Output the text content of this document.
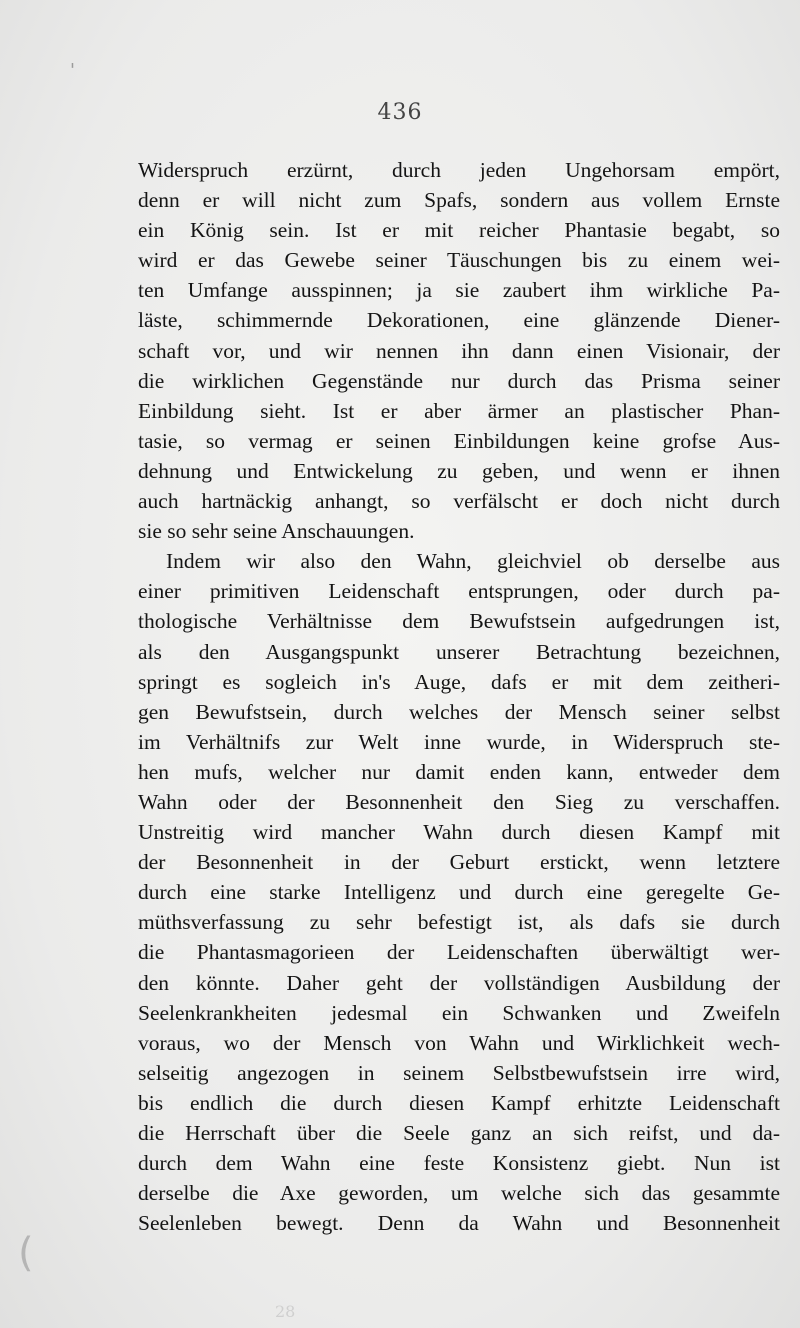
436
Widerspruch erzürnt, durch jeden Ungehorsam empört,
denn er will nicht zum Spafs, sondern aus vollem Ernste
ein König sein. Ist er mit reicher Phantasie begabt, so
wird er das Gewebe seiner Täuschungen bis zu einem wei-
ten Umfange ausspinnen; ja sie zaubert ihm wirkliche Pa-
läste, schimmernde Dekorationen, eine glänzende Diener-
schaft vor, und wir nennen ihn dann einen Visionair, der
die wirklichen Gegenstände nur durch das Prisma seiner
Einbildung sieht. Ist er aber ärmer an plastischer Phan-
tasie, so vermag er seinen Einbildungen keine grofse Aus-
dehnung und Entwickelung zu geben, und wenn er ihnen
auch hartnäckig anhangt, so verfälscht er doch nicht durch
sie so sehr seine Anschauungen.
Indem wir also den Wahn, gleichviel ob derselbe aus
einer primitiven Leidenschaft entsprungen, oder durch pa-
thologische Verhältnisse dem Bewufstsein aufgedrungen ist,
als den Ausgangspunkt unserer Betrachtung bezeichnen,
springt es sogleich in's Auge, dafs er mit dem zeitheri-
gen Bewufstsein, durch welches der Mensch seiner selbst
im Verhältnifs zur Welt inne wurde, in Widerspruch ste-
hen mufs, welcher nur damit enden kann, entweder dem
Wahn oder der Besonnenheit den Sieg zu verschaffen.
Unstreitig wird mancher Wahn durch diesen Kampf mit
der Besonnenheit in der Geburt erstickt, wenn letztere
durch eine starke Intelligenz und durch eine geregelte Ge-
müthsverfassung zu sehr befestigt ist, als dafs sie durch
die Phantasmagorieen der Leidenschaften überwältigt wer-
den könnte. Daher geht der vollständigen Ausbildung der
Seelenkrankheiten jedesmal ein Schwanken und Zweifeln
voraus, wo der Mensch von Wahn und Wirklichkeit wech-
selseitig angezogen in seinem Selbstbewufstsein irre wird,
bis endlich die durch diesen Kampf erhitzte Leidenschaft
die Herrschaft über die Seele ganz an sich reifst, und da-
durch dem Wahn eine feste Konsistenz giebt. Nun ist
derselbe die Axe geworden, um welche sich das gesammte
Seelenleben bewegt. Denn da Wahn und Besonnenheit
'
(
28
